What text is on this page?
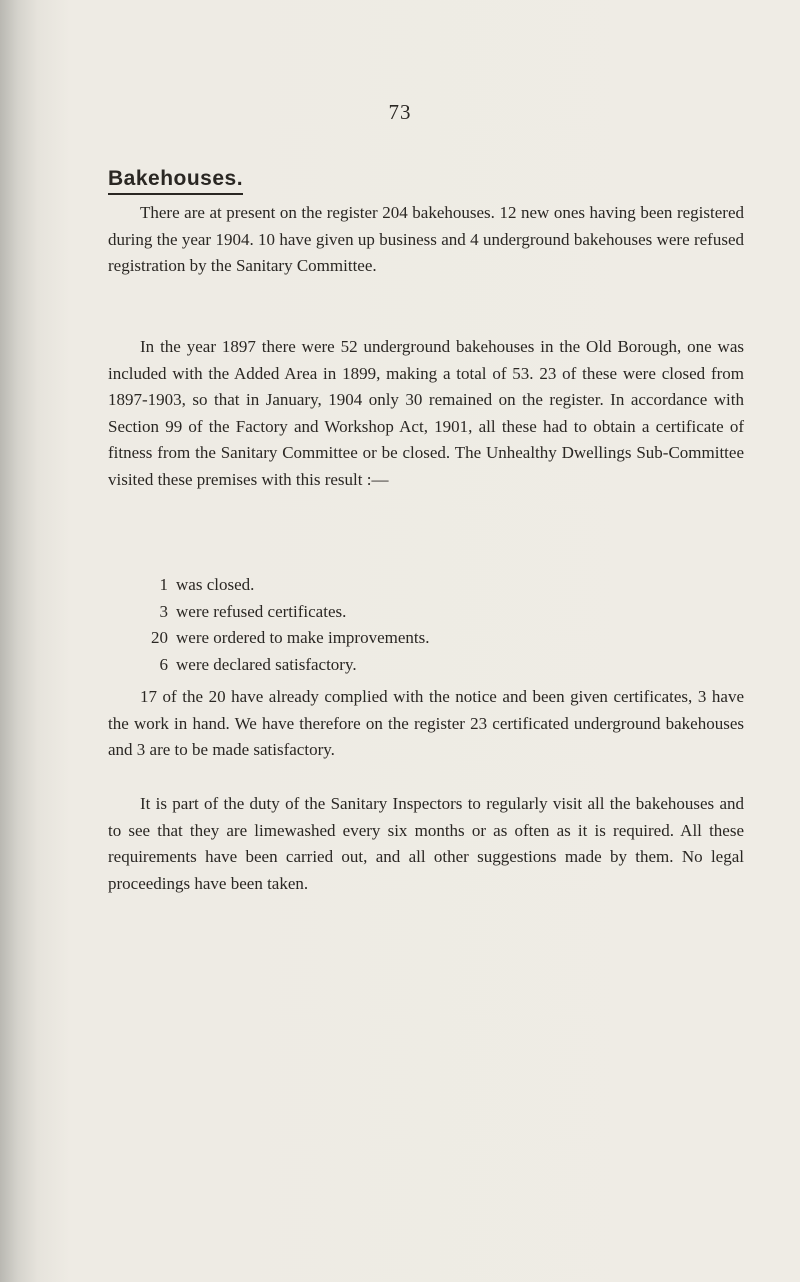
73
Bakehouses.

There are at present on the register 204 bakehouses. 12 new ones having been registered during the year 1904. 10 have given up business and 4 underground bakehouses were refused registration by the Sanitary Committee.

In the year 1897 there were 52 underground bakehouses in the Old Borough, one was included with the Added Area in 1899, making a total of 53. 23 of these were closed from 1897-1903, so that in January, 1904 only 30 remained on the register. In accordance with Section 99 of the Factory and Workshop Act, 1901, all these had to obtain a certificate of fitness from the Sanitary Committee or be closed. The Unhealthy Dwellings Sub-Committee visited these premises with this result :—

1 was closed.
3 were refused certificates.
20 were ordered to make improvements.
6 were declared satisfactory.

17 of the 20 have already complied with the notice and been given certificates, 3 have the work in hand. We have therefore on the register 23 certificated underground bakehouses and 3 are to be made satisfactory.

It is part of the duty of the Sanitary Inspectors to regularly visit all the bakehouses and to see that they are limewashed every six months or as often as it is required. All these requirements have been carried out, and all other suggestions made by them. No legal proceedings have been taken.
